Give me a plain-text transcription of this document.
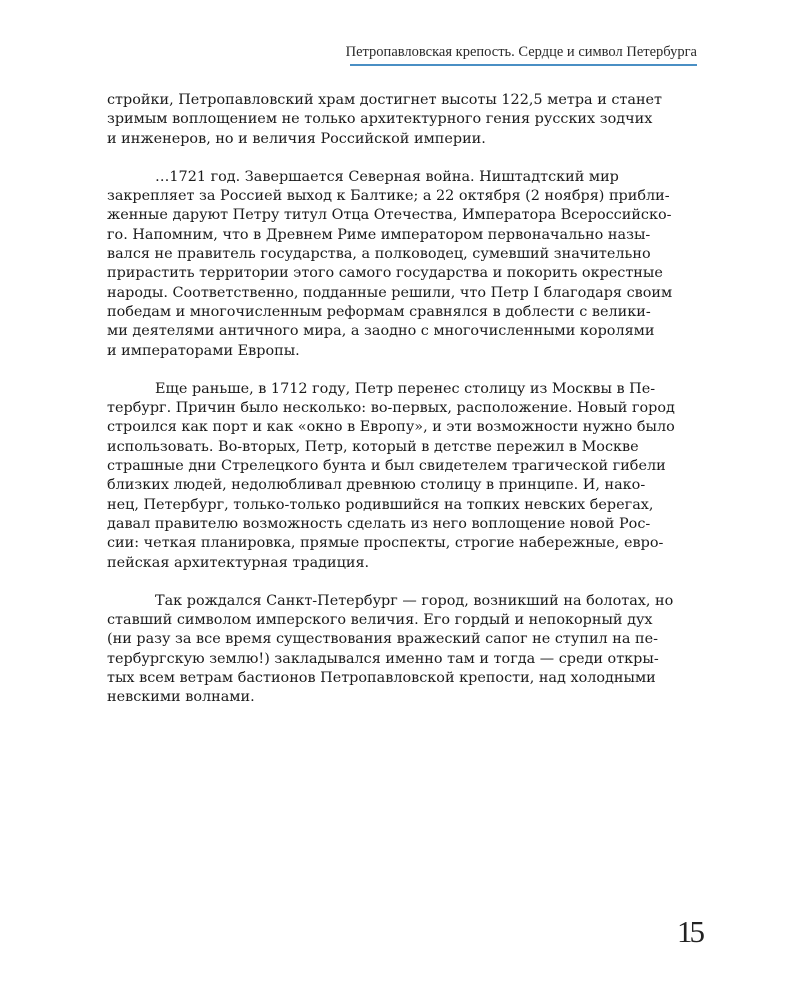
Петропавловская крепость. Сердце и символ Петербурга

стройки, Петропавловский храм достигнет высоты 122,5 метра и станет
зримым воплощением не только архитектурного гения русских зодчих
и инженеров, но и величия Российской империи.

…1721 год. Завершается Северная война. Ништадтский мир
закрепляет за Россией выход к Балтике; а 22 октября (2 ноября) прибли-
женные даруют Петру титул Отца Отечества, Императора Всероссийско-
го. Напомним, что в Древнем Риме императором первоначально назы-
вался не правитель государства, а полководец, сумевший значительно
прирастить территории этого самого государства и покорить окрестные
народы. Соответственно, подданные решили, что Петр I благодаря своим
победам и многочисленным реформам сравнялся в доблести с велики-
ми деятелями античного мира, а заодно с многочисленными королями
и императорами Европы.

Еще раньше, в 1712 году, Петр перенес столицу из Москвы в Пе-
тербург. Причин было несколько: во-первых, расположение. Новый город
строился как порт и как «окно в Европу», и эти возможности нужно было
использовать. Во-вторых, Петр, который в детстве пережил в Москве
страшные дни Стрелецкого бунта и был свидетелем трагической гибели
близких людей, недолюбливал древнюю столицу в принципе. И, нако-
нец, Петербург, только-только родившийся на топких невских берегах,
давал правителю возможность сделать из него воплощение новой Рос-
сии: четкая планировка, прямые проспекты, строгие набережные, евро-
пейская архитектурная традиция.

Так рождался Санкт-Петербург — город, возникший на болотах, но
ставший символом имперского величия. Его гордый и непокорный дух
(ни разу за все время существования вражеский сапог не ступил на пе-
тербургскую землю!) закладывался именно там и тогда — среди откры-
тых всем ветрам бастионов Петропавловской крепости, над холодными
невскими волнами.

15
